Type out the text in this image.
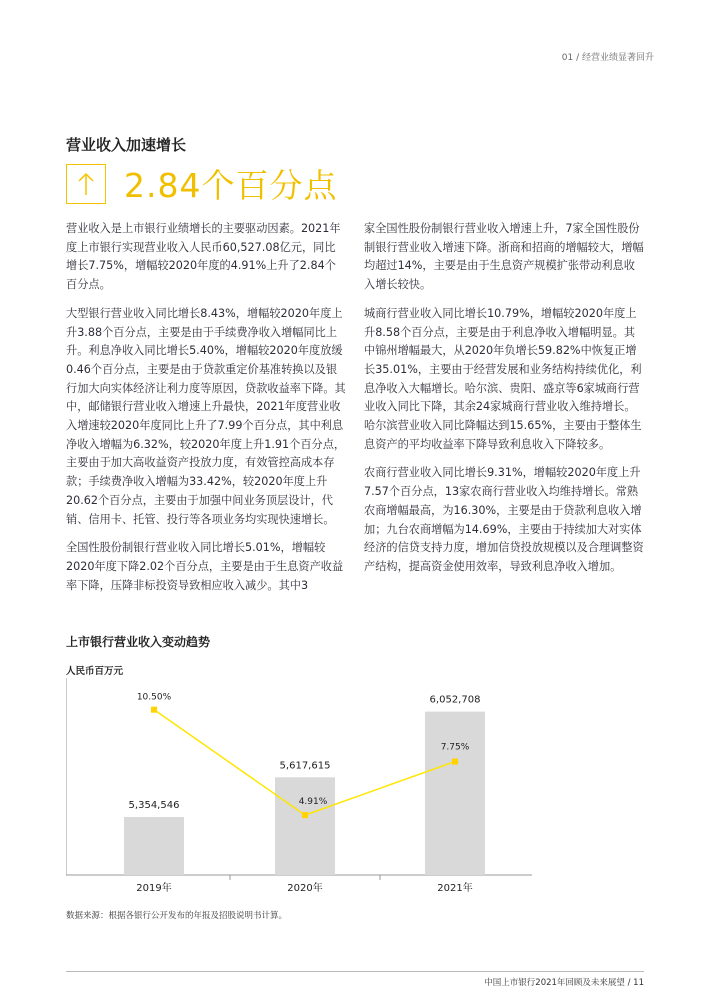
01 / 经营业绩显著回升
营业收入加速增长
2.84个百分点

营业收入是上市银行业绩增长的主要驱动因素。2021年度上市银行实现营业收入人民币60,527.08亿元，同比增长7.75%，增幅较2020年度的4.91%上升了2.84个百分点。

大型银行营业收入同比增长8.43%，增幅较2020年度上升3.88个百分点，主要是由于手续费净收入增幅同比上升。利息净收入同比增长5.40%，增幅较2020年度放缓0.46个百分点，主要是由于贷款重定价基准转换以及银行加大向实体经济让利力度等原因，贷款收益率下降。其中，邮储银行营业收入增速上升最快，2021年度营业收入增速较2020年度同比上升了7.99个百分点，其中利息净收入增幅为6.32%，较2020年度上升1.91个百分点，主要由于加大高收益资产投放力度，有效管控高成本存款；手续费净收入增幅为33.42%，较2020年度上升20.62个百分点，主要由于加强中间业务顶层设计，代销、信用卡、托管、投行等各项业务均实现快速增长。

全国性股份制银行营业收入同比增长5.01%，增幅较2020年度下降2.02个百分点，主要是由于生息资产收益率下降，压降非标投资导致相应收入减少。其中3

家全国性股份制银行营业收入增速上升，7家全国性股份制银行营业收入增速下降。浙商和招商的增幅较大，增幅均超过14%，主要是由于生息资产规模扩张带动利息收入增长较快。

城商行营业收入同比增长10.79%，增幅较2020年度上升8.58个百分点，主要是由于利息净收入增幅明显。其中锦州增幅最大，从2020年负增长59.82%中恢复正增长35.01%，主要由于经营发展和业务结构持续优化，利息净收入大幅增长。哈尔滨、贵阳、盛京等6家城商行营业收入同比下降，其余24家城商行营业收入维持增长。哈尔滨营业收入同比降幅达到15.65%，主要由于整体生息资产的平均收益率下降导致利息收入下降较多。

农商行营业收入同比增长9.31%，增幅较2020年度上升7.57个百分点，13家农商行营业收入均维持增长。常熟农商增幅最高，为16.30%，主要是由于贷款利息收入增加；九台农商增幅为14.69%，主要由于持续加大对实体经济的信贷支持力度，增加信贷投放规模以及合理调整资产结构，提高资金使用效率，导致利息净收入增加。

上市银行营业收入变动趋势
人民币百万元
5,354,546
2019年
5,617,615
2020年
6,052,708
2021年
10.50%
4.91%
7.75%
数据来源：根据各银行公开发布的年报及招股说明书计算。
中国上市银行2021年回顾及未来展望 / 11
